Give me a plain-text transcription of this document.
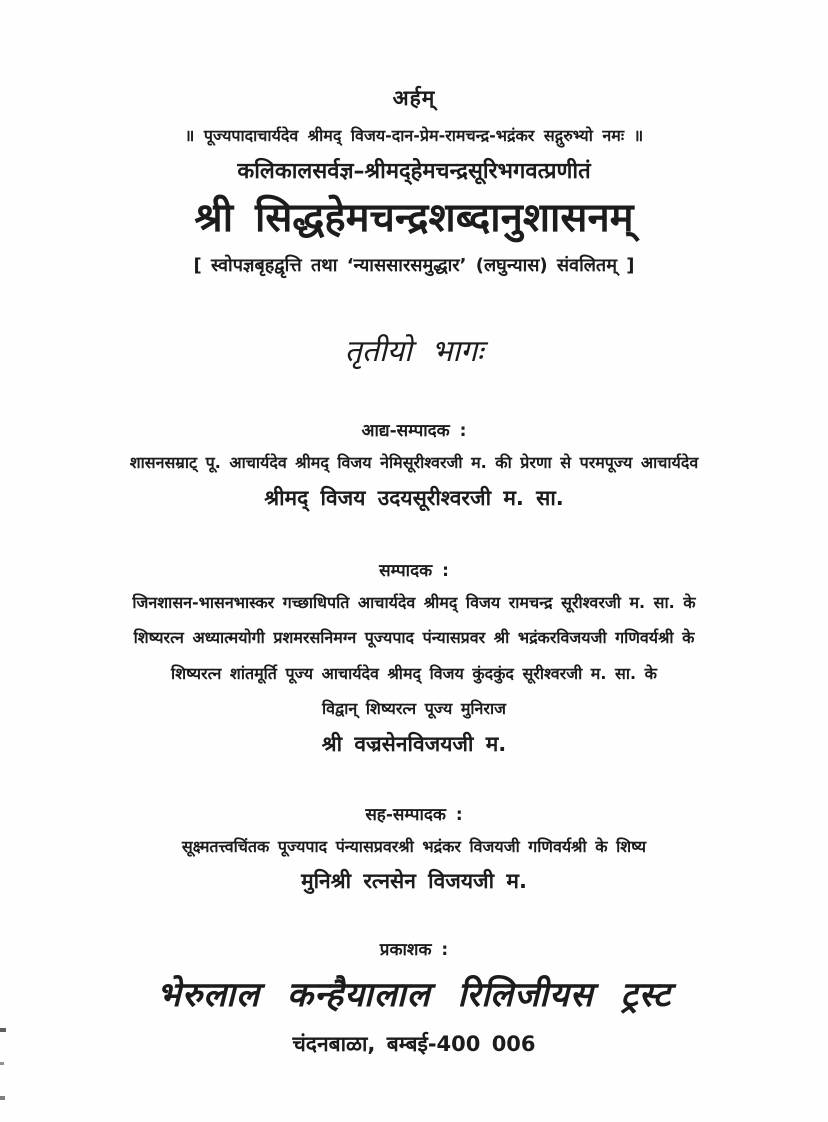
अर्हम्
॥ पूज्यपादाचार्यदेव श्रीमद् विजय-दान-प्रेम-रामचन्द्र-भद्रंकर सद्गुरुभ्यो नमः ॥
कलिकालसर्वज्ञ–श्रीमद्हेमचन्द्रसूरिभगवत्प्रणीतं
श्री सिद्धहेमचन्द्रशब्दानुशासनम्
[ स्वोपज्ञबृहद्वृत्ति तथा ‘न्याससारसमुद्धार’ (लघुन्यास) संवलितम् ]
तृतीयो भागः
आद्य-सम्पादक :
शासनसम्राट् पू. आचार्यदेव श्रीमद् विजय नेमिसूरीश्वरजी म. की प्रेरणा से परमपूज्य आचार्यदेव
श्रीमद् विजय उदयसूरीश्वरजी म. सा.
सम्पादक :
जिनशासन-भासनभास्कर गच्छाधिपति आचार्यदेव श्रीमद् विजय रामचन्द्र सूरीश्वरजी म. सा. के
शिष्यरत्न अध्यात्मयोगी प्रशमरसनिमग्न पूज्यपाद पंन्यासप्रवर श्री भद्रंकरविजयजी गणिवर्यश्री के
शिष्यरत्न शांतमूर्ति पूज्य आचार्यदेव श्रीमद् विजय कुंदकुंद सूरीश्वरजी म. सा. के
विद्वान् शिष्यरत्न पूज्य मुनिराज
श्री वज्रसेनविजयजी म.
सह-सम्पादक :
सूक्ष्मतत्त्वचिंतक पूज्यपाद पंन्यासप्रवरश्री भद्रंकर विजयजी गणिवर्यश्री के शिष्य
मुनिश्री रत्नसेन विजयजी म.
प्रकाशक :
भेरुलाल कन्हैयालाल रिलिजीयस ट्रस्ट
चंदनबाळा, बम्बई-400 006
